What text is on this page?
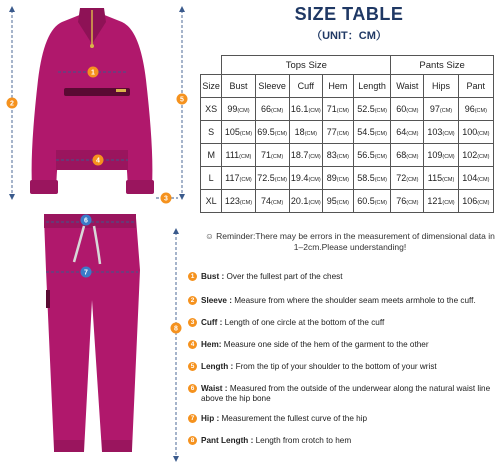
1
2
3
4
5
6
7
8
SIZE TABLE
（UNIT：CM）
	Tops Size					Pants Size		
Size	Bust	Sleeve	Cuff	Hem	Length	Waist	Hips	Pant
XS	99(CM)	66(CM)	16.1(CM)	71(CM)	52.5(CM)	60(CM)	97(CM)	96(CM)
S	105(CM)	69.5(CM)	18(CM)	77(CM)	54.5(CM)	64(CM)	103(CM)	100(CM)
M	111(CM)	71(CM)	18.7(CM)	83(CM)	56.5(CM)	68(CM)	109(CM)	102(CM)
L	117(CM)	72.5(CM)	19.4(CM)	89(CM)	58.5(CM)	72(CM)	115(CM)	104(CM)
XL	123(CM)	74(CM)	20.1(CM)	95(CM)	60.5(CM)	76(CM)	121(CM)	106(CM)
☺ Reminder:There may be errors in the measurement of dimensional data in 1–2cm.Please understanding!
1 Bust : Over the fullest part of the chest
2 Sleeve : Measure from where the shoulder seam meets armhole to the cuff.
3 Cuff : Length of one circle at the bottom of the cuff
4 Hem: Measure one side of the hem of the garment to the other
5 Length : From the tip of your shoulder to the bottom of your wrist
6 Waist : Measured from the outside of the underwear along the natural waist line above the hip bone
7 Hip : Measurement the fullest curve of the hip
8 Pant Length : Length from crotch to hem
